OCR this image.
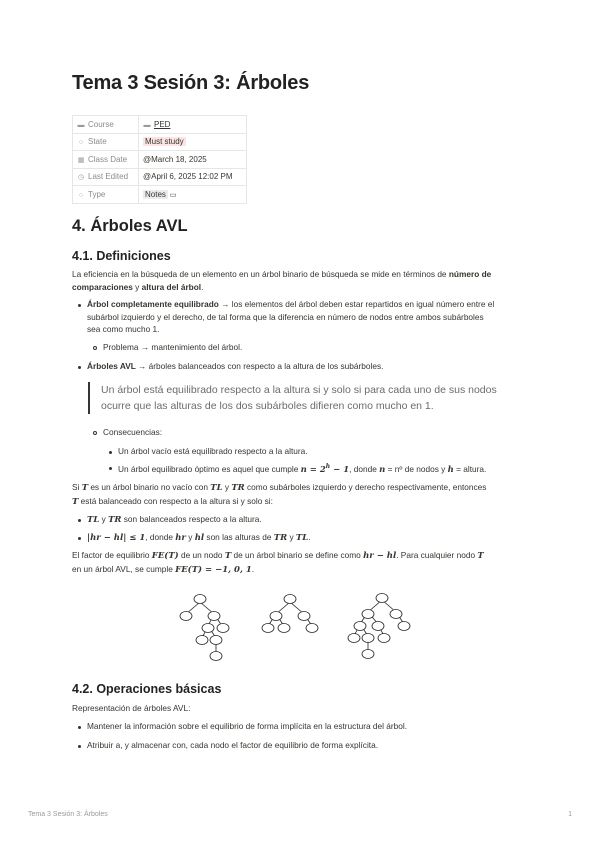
Tema 3 Sesión 3: Árboles
▬ Course	▬ PED
○ State	Must study
▦ Class Date	@March 18, 2025
◷ Last Edited	@April 6, 2025 12:02 PM
○ Type	Notes ▭
4. Árboles AVL
4.1. Definiciones
La eficiencia en la búsqueda de un elemento en un árbol binario de búsqueda se mide en términos de número de
comparaciones y altura del árbol.
Árbol completamente equilibrado → los elementos del árbol deben estar repartidos en igual número entre el
subárbol izquierdo y el derecho, de tal forma que la diferencia en número de nodos entre ambos subárboles
sea como mucho 1.
Problema → mantenimiento del árbol.
Árboles AVL → árboles balanceados con respecto a la altura de los subárboles.
Un árbol está equilibrado respecto a la altura si y solo si para cada uno de sus nodos
ocurre que las alturas de los dos subárboles difieren como mucho en 1.
Consecuencias:
Un árbol vacío está equilibrado respecto a la altura.
Un árbol equilibrado óptimo es aquel que cumple $n = 2^h - 1$, donde n = nº de nodos y h = altura.
Si T es un árbol binario no vacío con TL y TR como subárboles izquierdo y derecho respectivamente, entonces
T está balanceado con respecto a la altura si y solo si:
TL y TR son balanceados respecto a la altura.
|hr − hl| ≤ 1, donde hr y hl son las alturas de TR y TL.
El factor de equilibrio FE(T) de un nodo T de un árbol binario se define como hr − hl. Para cualquier nodo T
en un árbol AVL, se cumple FE(T) = −1, 0, 1.
4.2. Operaciones básicas
Representación de árboles AVL:
Mantener la información sobre el equilibrio de forma implícita en la estructura del árbol.
Atribuir a, y almacenar con, cada nodo el factor de equilibrio de forma explícita.
Tema 3 Sesión 3: Árboles	1
